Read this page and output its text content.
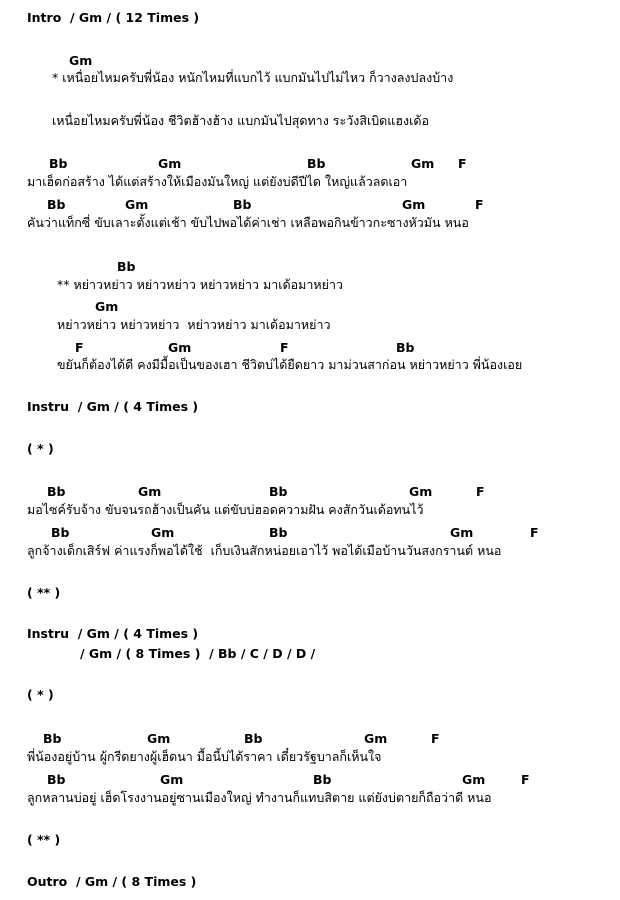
Intro  / Gm / ( 12 Times )
Gm
* เหนื่อยไหมครับพี่น้อง หนักไหมที่แบกไว้ แบกมันไปไม่ไหว ก็วางลงปลงบ้าง
เหนื่อยไหมครับพี่น้อง ชีวิตฮ้างฮ้าง แบกมันไปสุดทาง ระวังสิเบิดแฮงเด้อ
Bb	Gm	Bb	Gm F
มาเฮ็ดก่อสร้าง ได้แต่สร้างให้เมืองมันใหญ่ แต่ยังบ่ดีปีได ใหญ่แล้วลดเอา
Bb	Gm	Bb	Gm	F
คันว่าแท็กซี่ ขับเลาะตั้งแต่เช้า ขับไปพอได้ค่าเช่า เหลือพอกินข้าวกะซางหัวมัน หนอ
Bb
** หย่าวหย่าว หย่าวหย่าว หย่าวหย่าว มาเด้อมาหย่าว
Gm
หย่าวหย่าว หย่าวหย่าว  หย่าวหย่าว มาเด้อมาหย่าว
F	Gm	F	Bb
ขยันก็ต้องได้ดี คงมีมื้อเป็นของเฮา ชีวิตบ่ได้ยืดยาว มาม่วนสาก่อน หย่าวหย่าว พี่น้องเอย
Instru  / Gm / ( 4 Times )
( * )
Bb	Gm	Bb	Gm	F
มอไซค์รับจ้าง ขับจนรถฮ้างเป็นคัน แต่ขับบ่ฮอดความฝัน คงสักวันเด้อทนไว้
Bb	Gm	Bb	Gm	F
ลูกจ้างเด็กเสิร์ฟ ค่าแรงก็พอได้ใช้  เก็บเงินสักหน่อยเอาไว้ พอได้เมือบ้านวันสงกรานต์ หนอ
( ** )
Instru  / Gm / ( 4 Times )
/ Gm / ( 8 Times )  / Bb / C / D / D /
( * )
Bb	Gm	Bb	Gm	F
พี่น้องอยู่บ้าน ผู้กรีดยางผู้เฮ็ดนา มื้อนี้บ่ได้ราคา เดี๋ยวรัฐบาลก็เห็นใจ
Bb	Gm	Bb	Gm	F
ลูกหลานบ่อยู่ เฮ็ดโรงงานอยู่ซานเมืองใหญ่ ทำงานก็แทบสิตาย แต่ยังบ่ตายก็ถือว่าดี หนอ
( ** )
Outro  / Gm / ( 8 Times )
